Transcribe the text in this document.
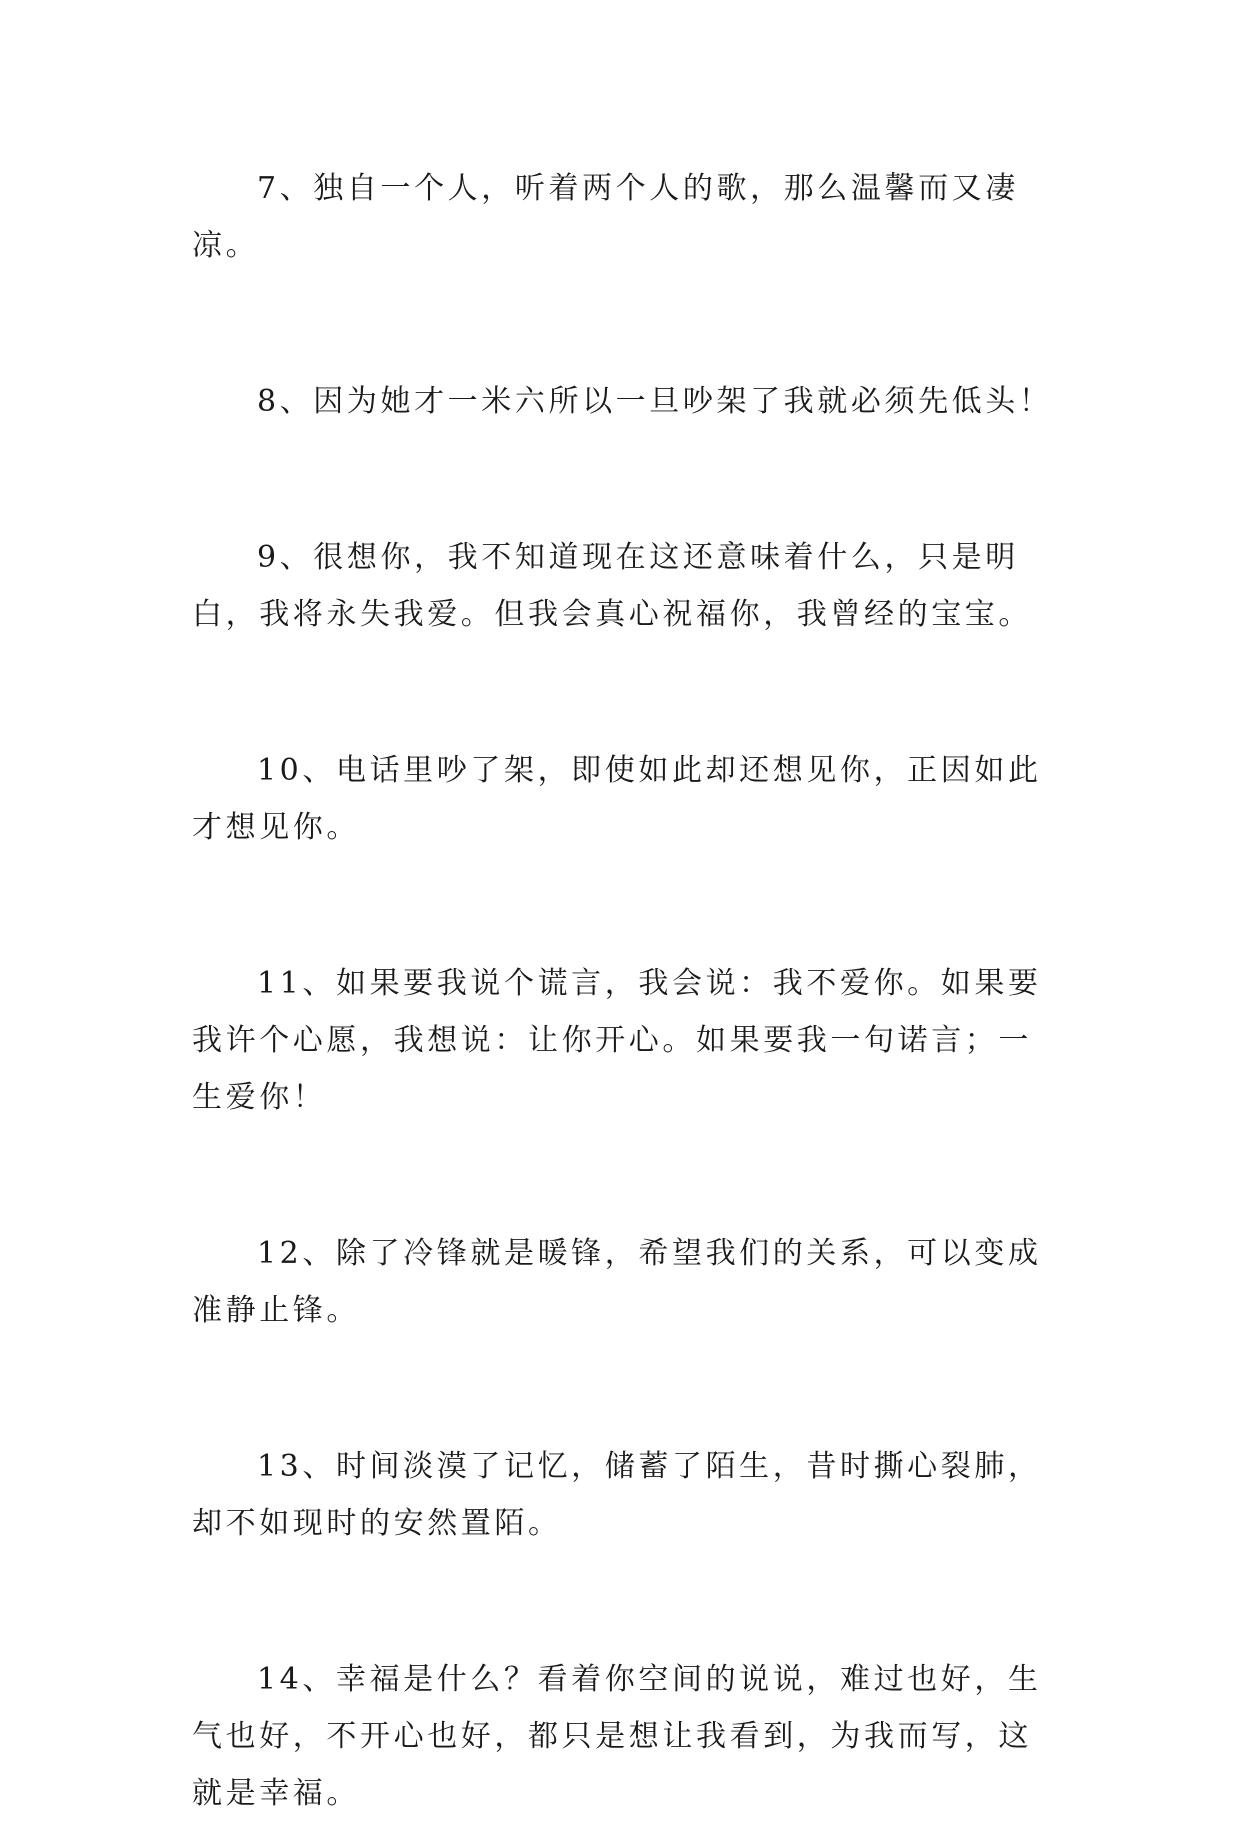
7、独自一个人，听着两个人的歌，那么温馨而又凄凉。

8、因为她才一米六所以一旦吵架了我就必须先低头！

9、很想你，我不知道现在这还意味着什么，只是明白，我将永失我爱。但我会真心祝福你，我曾经的宝宝。

10、电话里吵了架，即使如此却还想见你，正因如此才想见你。

11、如果要我说个谎言，我会说：我不爱你。如果要我许个心愿，我想说：让你开心。如果要我一句诺言；一生爱你！

12、除了冷锋就是暖锋，希望我们的关系，可以变成准静止锋。

13、时间淡漠了记忆，储蓄了陌生，昔时撕心裂肺，却不如现时的安然置陌。

14、幸福是什么？看着你空间的说说，难过也好，生气也好，不开心也好，都只是想让我看到，为我而写，这就是幸福。
